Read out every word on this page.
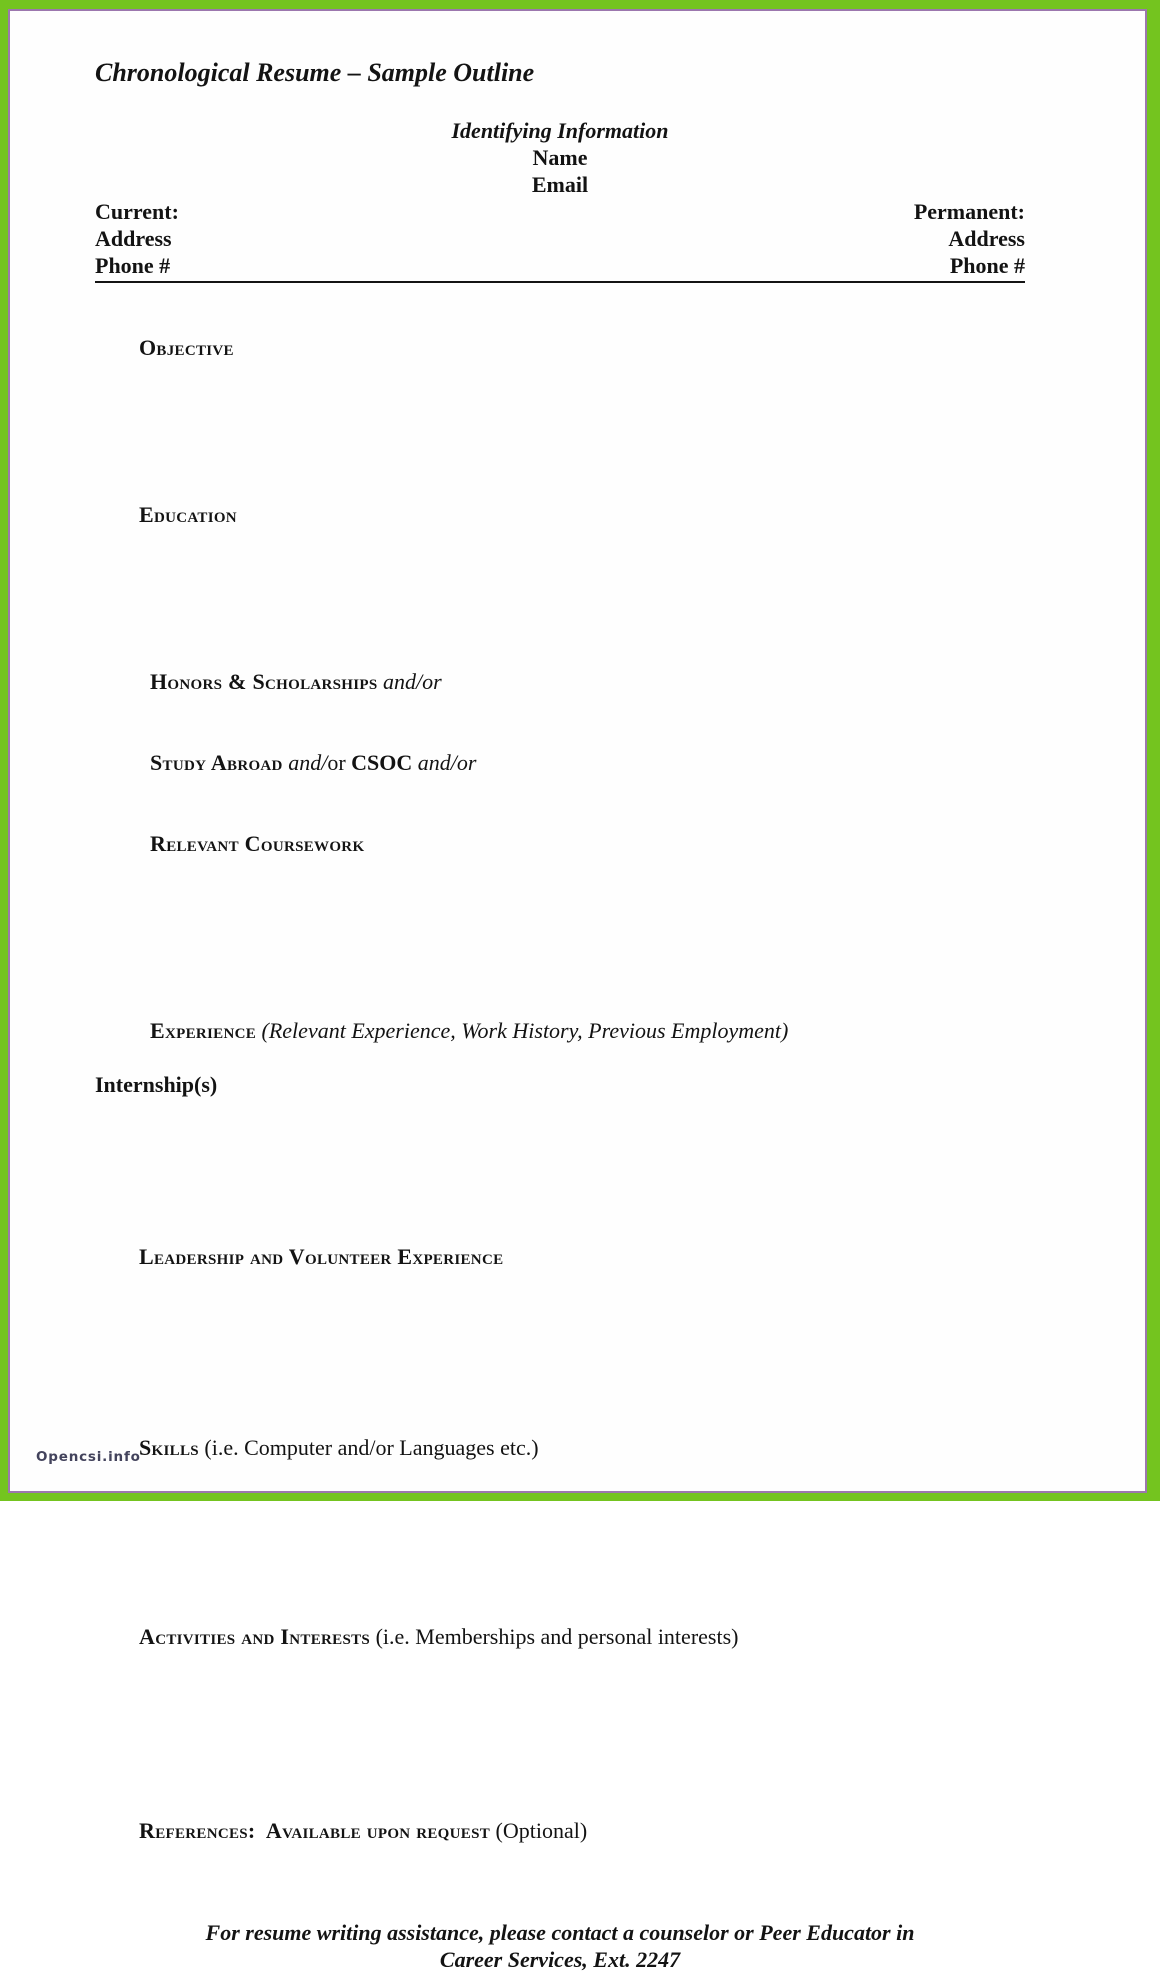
Chronological Resume – Sample Outline
Identifying Information
Name
Email
Current:
Address
Phone #
Permanent:
Address
Phone #

Objective

Education

Honors & Scholarships and/or

Study Abroad and/or CSOC and/or

Relevant Coursework

Experience (Relevant Experience, Work History, Previous Employment)

Internship(s)

Leadership and Volunteer Experience

Skills (i.e. Computer and/or Languages etc.)

Activities and Interests (i.e. Memberships and personal interests)

References:  Available upon request (Optional)

For resume writing assistance, please contact a counselor or Peer Educator in
Career Services, Ext. 2247
Opencsi.info
